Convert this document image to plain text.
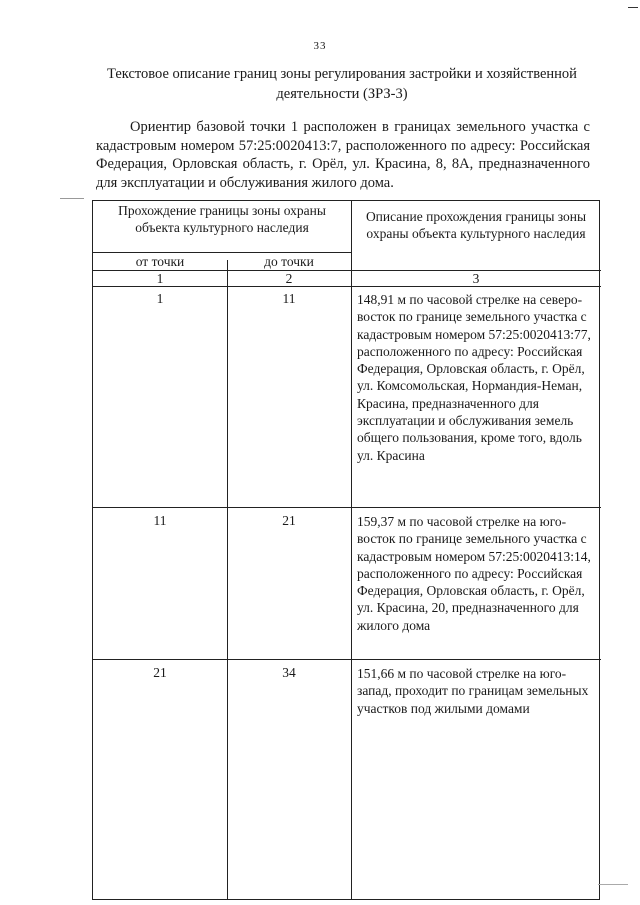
33
Текстовое описание границ зоны регулирования застройки и хозяйственной деятельности (ЗРЗ-3)
Ориентир базовой точки 1 расположен в границах земельного участка с кадастровым номером 57:25:0020413:7, расположенного по адресу: Российская Федерация, Орловская область, г. Орёл, ул. Красина, 8, 8А, предназначенного для эксплуатации и обслуживания жилого дома.
Прохождение границы зоны охраны объекта культурного наследия
от точки	до точки
Описание прохождения границы зоны охраны объекта культурного наследия
1	2	3
1	11	148,91 м по часовой стрелке на северо-восток по границе земельного участка с кадастровым номером 57:25:0020413:77, расположенного по адресу: Российская Федерация, Орловская область, г. Орёл, ул. Комсомольская, Нормандия-Неман, Красина, предназначенного для эксплуатации и обслуживания земель общего пользования, кроме того, вдоль ул. Красина
11	21	159,37 м по часовой стрелке на юго-восток по границе земельного участка с кадастровым номером 57:25:0020413:14, расположенного по адресу: Российская Федерация, Орловская область, г. Орёл, ул. Красина, 20, предназначенного для жилого дома
21	34	151,66 м по часовой стрелке на юго-запад, проходит по границам земельных участков под жилыми домами
